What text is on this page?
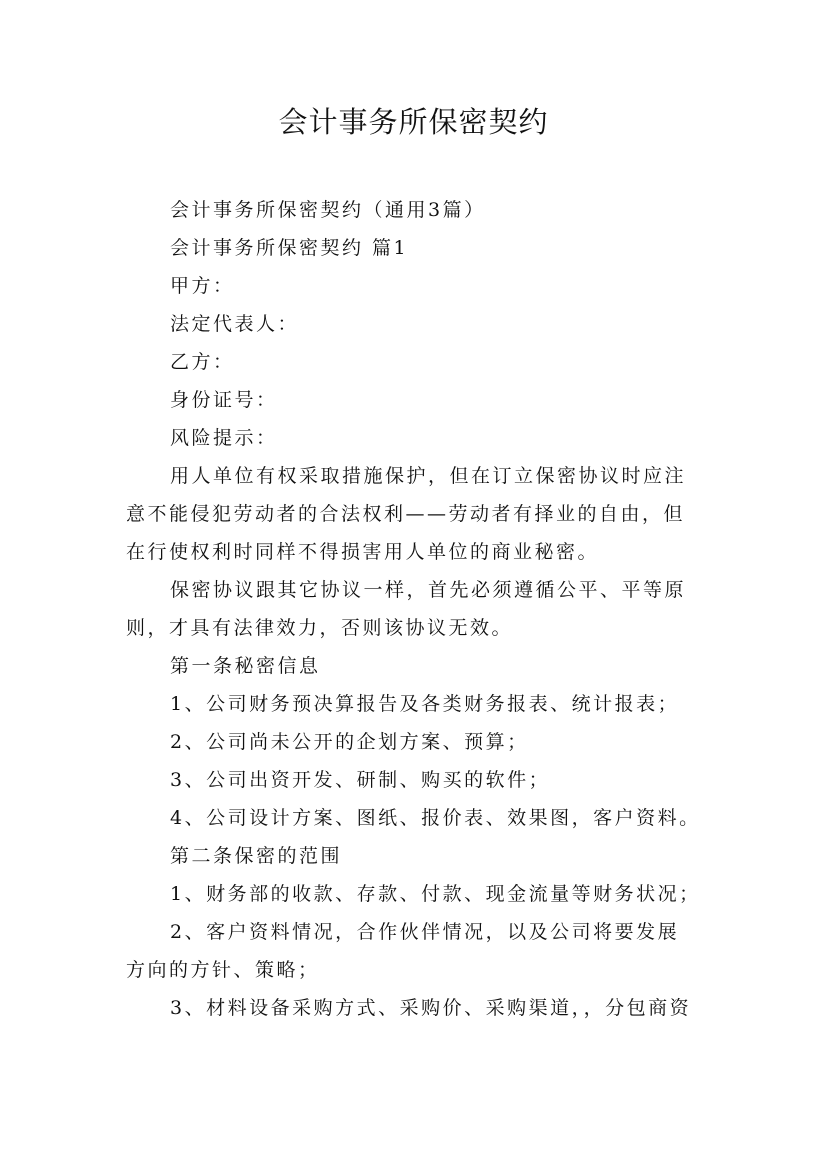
会计事务所保密契约
会计事务所保密契约（通用3篇）
会计事务所保密契约 篇1
甲方：
法定代表人：
乙方：
身份证号：
风险提示：
用人单位有权采取措施保护，但在订立保密协议时应注
意不能侵犯劳动者的合法权利——劳动者有择业的自由，但
在行使权利时同样不得损害用人单位的商业秘密。
保密协议跟其它协议一样，首先必须遵循公平、平等原
则，才具有法律效力，否则该协议无效。
第一条秘密信息
1、公司财务预决算报告及各类财务报表、统计报表；
2、公司尚未公开的企划方案、预算；
3、公司出资开发、研制、购买的软件；
4、公司设计方案、图纸、报价表、效果图，客户资料。
第二条保密的范围
1、财务部的收款、存款、付款、现金流量等财务状况；
2、客户资料情况，合作伙伴情况，以及公司将要发展
方向的方针、策略；
3、材料设备采购方式、采购价、采购渠道，，分包商资
